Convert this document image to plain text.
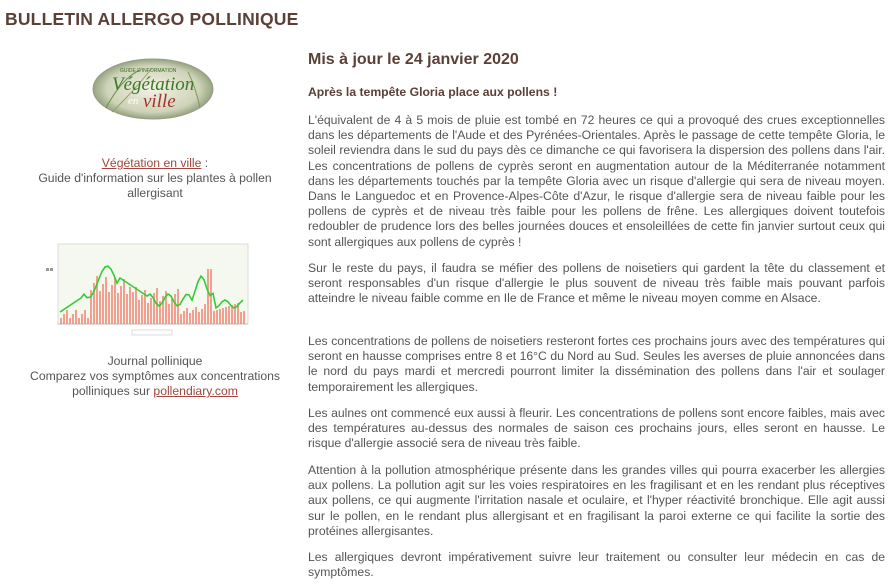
BULLETIN ALLERGO POLLINIQUE
GUIDE D'INFORMATION
Végétation
en ville
Végétation en ville :
Guide d'information sur les plantes à pollen allergisant
Journal pollinique
Comparez vos symptômes aux concentrations polliniques sur pollendiary.com
Mis à jour le 24 janvier 2020
Après la tempête Gloria place aux pollens !

L'équivalent de 4 à 5 mois de pluie est tombé en 72 heures ce qui a provoqué des crues exceptionnelles dans les départements de l'Aude et des Pyrénées-Orientales. Après le passage de cette tempête Gloria, le soleil reviendra dans le sud du pays dès ce dimanche ce qui favorisera la dispersion des pollens dans l'air. Les concentrations de pollens de cyprès seront en augmentation autour de la Méditerranée notamment dans les départements touchés par la tempête Gloria avec un risque d'allergie qui sera de niveau moyen. Dans le Languedoc et en Provence-Alpes-Côte d'Azur, le risque d'allergie sera de niveau faible pour les pollens de cyprès et de niveau très faible pour les pollens de frêne. Les allergiques doivent toutefois redoubler de prudence lors des belles journées douces et ensoleillées de cette fin janvier surtout ceux qui sont allergiques aux pollens de cyprès !

Sur le reste du pays, il faudra se méfier des pollens de noisetiers qui gardent la tête du classement et seront responsables d'un risque d'allergie le plus souvent de niveau très faible mais pouvant parfois atteindre le niveau faible comme en Ile de France et même le niveau moyen comme en Alsace.

Les concentrations de pollens de noisetiers resteront fortes ces prochains jours avec des températures qui seront en hausse comprises entre 8 et 16°C du Nord au Sud. Seules les averses de pluie annoncées dans le nord du pays mardi et mercredi pourront limiter la dissémination des pollens dans l'air et soulager temporairement les allergiques.

Les aulnes ont commencé eux aussi à fleurir. Les concentrations de pollens sont encore faibles, mais avec des températures au-dessus des normales de saison ces prochains jours, elles seront en hausse. Le risque d'allergie associé sera de niveau très faible.

Attention à la pollution atmosphérique présente dans les grandes villes qui pourra exacerber les allergies aux pollens. La pollution agit sur les voies respiratoires en les fragilisant et en les rendant plus réceptives aux pollens, ce qui augmente l'irritation nasale et oculaire, et l'hyper réactivité bronchique. Elle agit aussi sur le pollen, en le rendant plus allergisant et en fragilisant la paroi externe ce qui facilite la sortie des protéines allergisantes.

Les allergiques devront impérativement suivre leur traitement ou consulter leur médecin en cas de symptômes.
